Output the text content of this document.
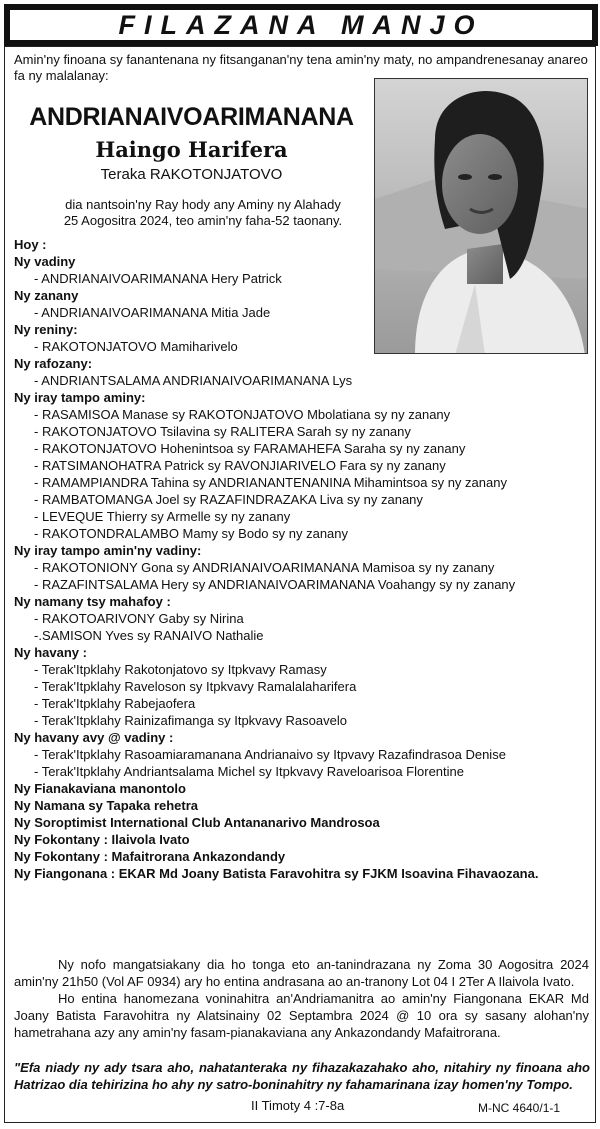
FILAZANA MANJO
Amin'ny finoana sy fanantenana ny fitsanganan'ny tena amin'ny maty, no ampandrenesanay anareo fa ny malalanay:
ANDRIANAIVOARIMANANA
Haingo Harifera
Teraka RAKOTONJATOVO
dia nantsoin'ny Ray hody any Aminy ny Alahady
25 Aogositra 2024, teo amin'ny faha-52 taonany.
Hoy :
Ny vadiny
- ANDRIANAIVOARIMANANA Hery Patrick
Ny zanany
- ANDRIANAIVOARIMANANA Mitia Jade
Ny reniny:
- RAKOTONJATOVO Mamiharivelo
Ny rafozany:
- ANDRIANTSALAMA ANDRIANAIVOARIMANANA Lys
Ny iray tampo aminy:
- RASAMISOA Manase sy RAKOTONJATOVO Mbolatiana sy ny zanany
- RAKOTONJATOVO Tsilavina sy RALITERA Sarah sy ny zanany
- RAKOTONJATOVO Hohenintsoa sy FARAMAHEFA Saraha sy ny zanany
- RATSIMANOHATRA Patrick sy RAVONJIARIVELO Fara sy ny zanany
- RAMAMPIANDRA Tahina sy ANDRIANANTENANINA Mihamintsoa sy ny zanany
- RAMBATOMANGA Joel sy RAZAFINDRAZAKA Liva sy ny zanany
- LEVEQUE Thierry sy Armelle sy ny zanany
- RAKOTONDRALAMBO Mamy sy Bodo sy ny zanany
Ny iray tampo amin'ny vadiny:
- RAKOTONIONY Gona sy ANDRIANAIVOARIMANANA Mamisoa sy ny zanany
- RAZAFINTSALAMA Hery sy ANDRIANAIVOARIMANANA Voahangy sy ny zanany
Ny namany tsy mahafoy :
- RAKOTOARIVONY Gaby sy Nirina
-.SAMISON Yves sy RANAIVO Nathalie
Ny havany :
- Terak'Itpklahy Rakotonjatovo sy Itpkvavy Ramasy
- Terak'Itpklahy Raveloson sy Itpkvavy Ramalalaharifera
- Terak'Itpklahy Rabejaofera
- Terak'Itpklahy Rainizafimanga sy Itpkvavy Rasoavelo
Ny havany avy @ vadiny :
- Terak'Itpklahy Rasoamiaramanana Andrianaivo sy Itpvavy Razafindrasoa Denise
- Terak'Itpklahy Andriantsalama Michel sy Itpkvavy Raveloarisoa Florentine
Ny Fianakaviana manontolo
Ny Namana sy Tapaka rehetra
Ny Soroptimist International Club Antananarivo Mandrosoa
Ny Fokontany : Ilaivola Ivato
Ny Fokontany : Mafaitrorana Ankazondandy
Ny Fiangonana : EKAR Md Joany Batista Faravohitra sy FJKM Isoavina Fihavaozana.

Ny nofo mangatsiakany dia ho tonga eto an-tanindrazana ny Zoma 30 Aogositra 2024 amin'ny 21h50 (Vol AF 0934) ary ho entina andrasana ao an-tranony Lot 04 I 2Ter A Ilaivola Ivato.

Ho entina hanomezana voninahitra an'Andriamanitra ao amin'ny Fiangonana EKAR Md Joany Batista Faravohitra ny Alatsinainy 02 Septambra 2024 @ 10 ora sy sasany alohan'ny hametrahana azy any amin'ny fasam-pianakaviana any Ankazondandy Mafaitrorana.

"Efa niady ny ady tsara aho, nahatanteraka ny fihazakazahako aho, nitahiry ny finoana aho Hatrizao dia tehirizina ho ahy ny satro-boninahitry ny fahamarinana izay homen'ny Tompo.
II Timoty 4 :7-8a	M-NC 4640/1-1
